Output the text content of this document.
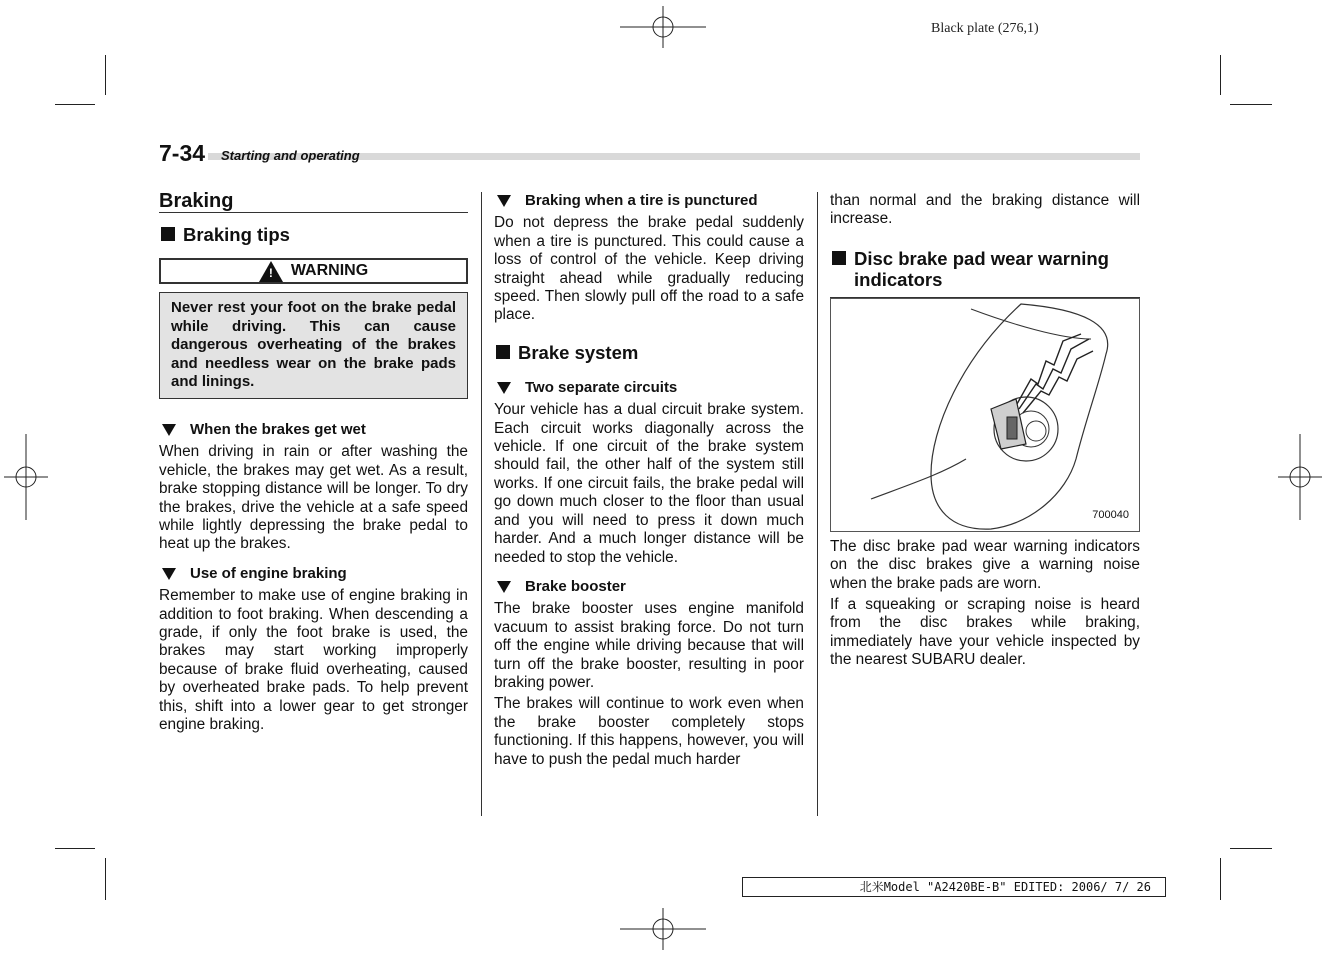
Black plate (276,1)
7-34 Starting and operating
Braking
Braking tips
! WARNING

Never rest your foot on the brake pedal while driving. This can cause dangerous overheating of the brakes and needless wear on the brake pads and linings.

When the brakes get wet

When driving in rain or after washing the vehicle, the brakes may get wet. As a result, brake stopping distance will be longer. To dry the brakes, drive the vehicle at a safe speed while lightly depressing the brake pedal to heat up the brakes.

Use of engine braking

Remember to make use of engine braking in addition to foot braking. When descending a grade, if only the foot brake is used, the brakes may start working improperly because of brake fluid overheating, caused by overheated brake pads. To help prevent this, shift into a lower gear to get stronger engine braking.

Braking when a tire is punctured

Do not depress the brake pedal suddenly when a tire is punctured. This could cause a loss of control of the vehicle. Keep driving straight ahead while gradually reducing speed. Then slowly pull off the road to a safe place.

Brake system
Two separate circuits

Your vehicle has a dual circuit brake system. Each circuit works diagonally across the vehicle. If one circuit of the brake system should fail, the other half of the system still works. If one circuit fails, the brake pedal will go down much closer to the floor than usual and you will need to press it down much harder. And a much longer distance will be needed to stop the vehicle.

Brake booster

The brake booster uses engine manifold vacuum to assist braking force. Do not turn off the engine while driving because that will turn off the brake booster, resulting in poor braking power.

The brakes will continue to work even when the brake booster completely stops functioning. If this happens, however, you will have to push the pedal much harder

than normal and the braking distance will increase.

Disc brake pad wear warning indicators
700040

The disc brake pad wear warning indicators on the disc brakes give a warning noise when the brake pads are worn.

If a squeaking or scraping noise is heard from the disc brakes while braking, immediately have your vehicle inspected by the nearest SUBARU dealer.

北米Model "A2420BE-B" EDITED: 2006/ 7/ 26
